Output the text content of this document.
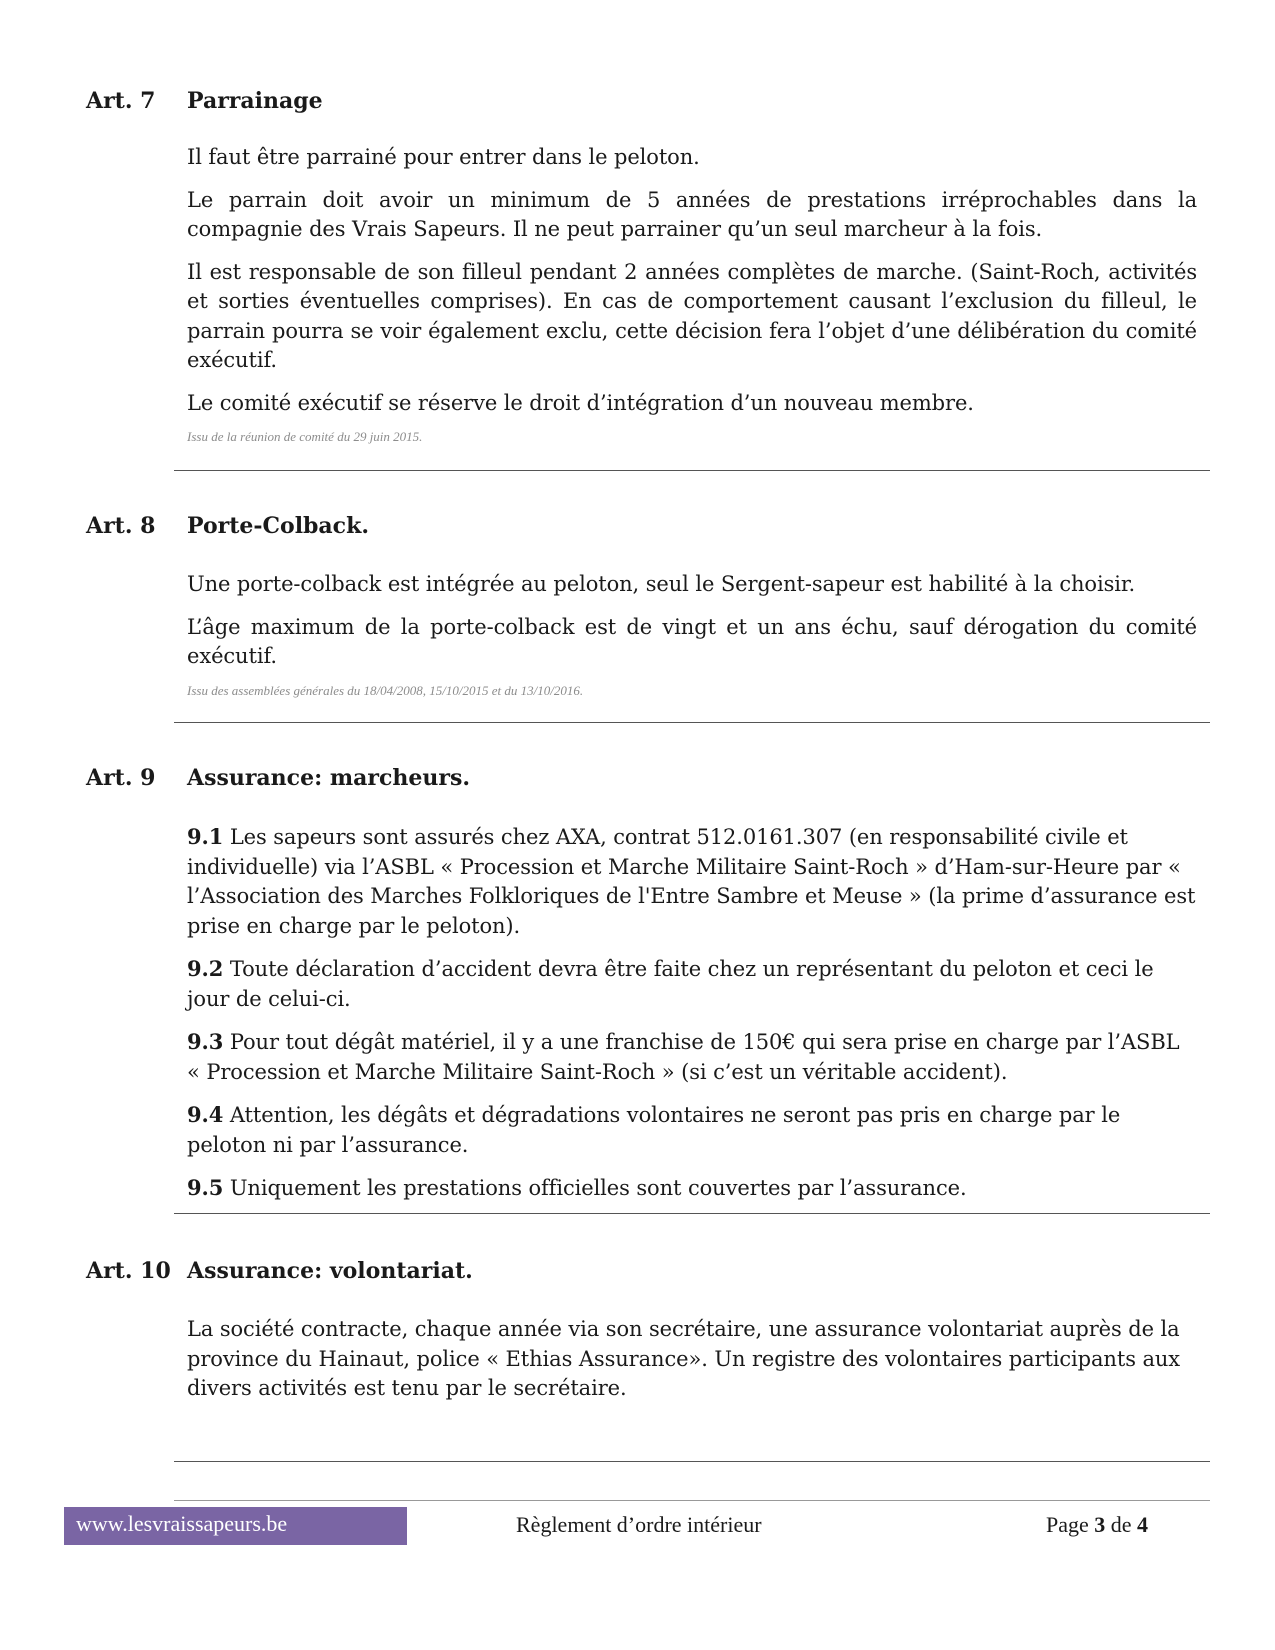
Art. 7 Parrainage

Il faut être parrainé pour entrer dans le peloton.

Le parrain doit avoir un minimum de 5 années de prestations irréprochables dans la compagnie des Vrais Sapeurs. Il ne peut parrainer qu’un seul marcheur à la fois.

Il est responsable de son filleul pendant 2 années complètes de marche. (Saint-Roch, activités et sorties éventuelles comprises). En cas de comportement causant l’exclusion du filleul, le parrain pourra se voir également exclu, cette décision fera l’objet d’une délibération du comité exécutif.

Le comité exécutif se réserve le droit d’intégration d’un nouveau membre.

Issu de la réunion de comité du 29 juin 2015.

Art. 8 Porte-Colback.

Une porte-colback est intégrée au peloton, seul le Sergent-sapeur est habilité à la choisir.

L’âge maximum de la porte-colback est de vingt et un ans échu, sauf dérogation du comité exécutif.

Issu des assemblées générales du 18/04/2008, 15/10/2015 et du 13/10/2016.

Art. 9 Assurance: marcheurs.

9.1 Les sapeurs sont assurés chez AXA, contrat 512.0161.307 (en responsabilité civile et individuelle) via l’ASBL « Procession et Marche Militaire Saint-Roch » d’Ham-sur-Heure par « l’Association des Marches Folkloriques de l'Entre Sambre et Meuse » (la prime d’assurance est prise en charge par le peloton).

9.2 Toute déclaration d’accident devra être faite chez un représentant du peloton et ceci le jour de celui-ci.

9.3 Pour tout dégât matériel, il y a une franchise de 150€ qui sera prise en charge par l’ASBL « Procession et Marche Militaire Saint-Roch » (si c’est un véritable accident).

9.4 Attention, les dégâts et dégradations volontaires ne seront pas pris en charge par le peloton ni par l’assurance.

9.5 Uniquement les prestations officielles sont couvertes par l’assurance.

Art. 10 Assurance: volontariat.

La société contracte, chaque année via son secrétaire, une assurance volontariat auprès de la province du Hainaut, police « Ethias Assurance». Un registre des volontaires participants aux divers activités est tenu par le secrétaire.

www.lesvraissapeurs.be	Règlement d’ordre intérieur	Page 3 de 4
